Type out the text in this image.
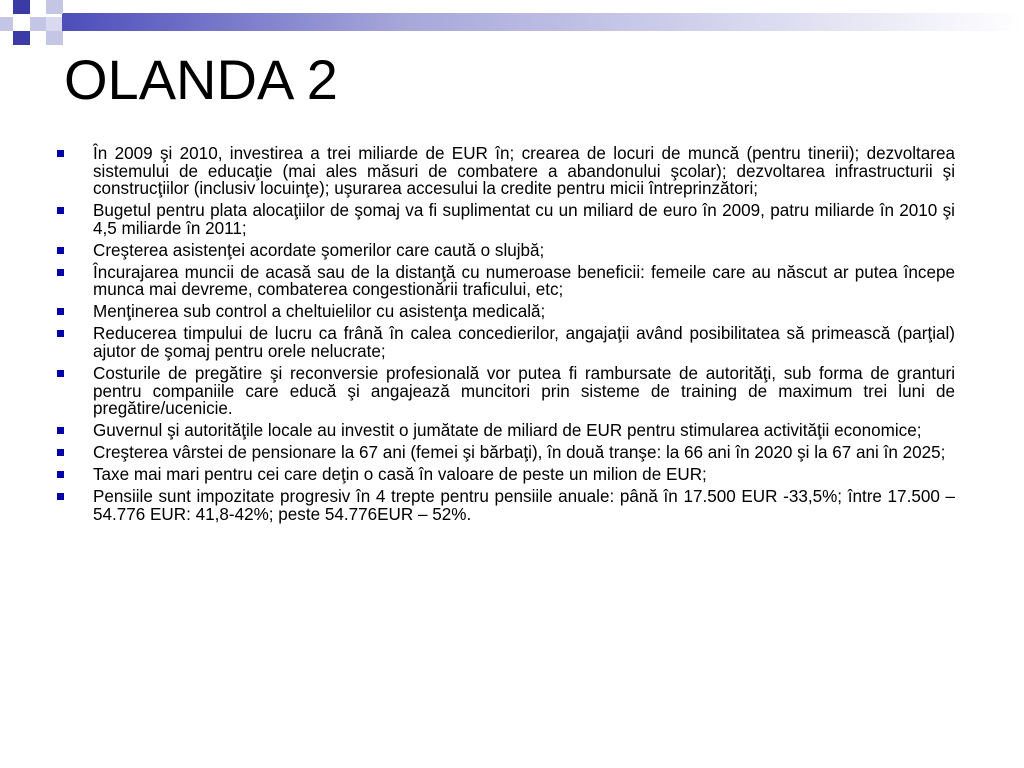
OLANDA 2
În 2009 şi 2010, investirea a trei miliarde de EUR în; crearea de locuri de muncă (pentru tinerii); dezvoltarea sistemului de educaţie (mai ales măsuri de combatere a abandonului şcolar); dezvoltarea infrastructurii şi construcţiilor (inclusiv locuinţe); uşurarea accesului la credite pentru micii întreprinzători;
Bugetul pentru plata alocaţiilor de şomaj va fi suplimentat cu un miliard de euro în 2009, patru miliarde în 2010 şi 4,5 miliarde în 2011;
Creşterea asistenţei acordate şomerilor care caută o slujbă;
Încurajarea muncii de acasă sau de la distanţă cu numeroase beneficii: femeile care au născut ar putea începe munca mai devreme, combaterea congestionării traficului, etc;
Menţinerea sub control a cheltuielilor cu asistenţa medicală;
Reducerea timpului de lucru ca frână în calea concedierilor, angajaţii având posibilitatea să primească (parţial) ajutor de şomaj pentru orele nelucrate;
Costurile de pregătire şi reconversie profesională vor putea fi rambursate de autorităţi, sub forma de granturi pentru companiile care educă şi angajează muncitori prin sisteme de training de maximum trei luni de pregătire/ucenicie.
Guvernul şi autorităţile locale au investit o jumătate de miliard de EUR pentru stimularea activităţii economice;
Creşterea vârstei de pensionare la 67 ani (femei şi bărbaţi), în două tranşe: la 66 ani în 2020 şi la 67 ani în 2025;
Taxe mai mari pentru cei care deţin o casă în valoare de peste un milion de EUR;
Pensiile sunt impozitate progresiv în 4 trepte pentru pensiile anuale: până în 17.500 EUR -33,5%; între 17.500 – 54.776 EUR: 41,8-42%; peste 54.776EUR – 52%.
